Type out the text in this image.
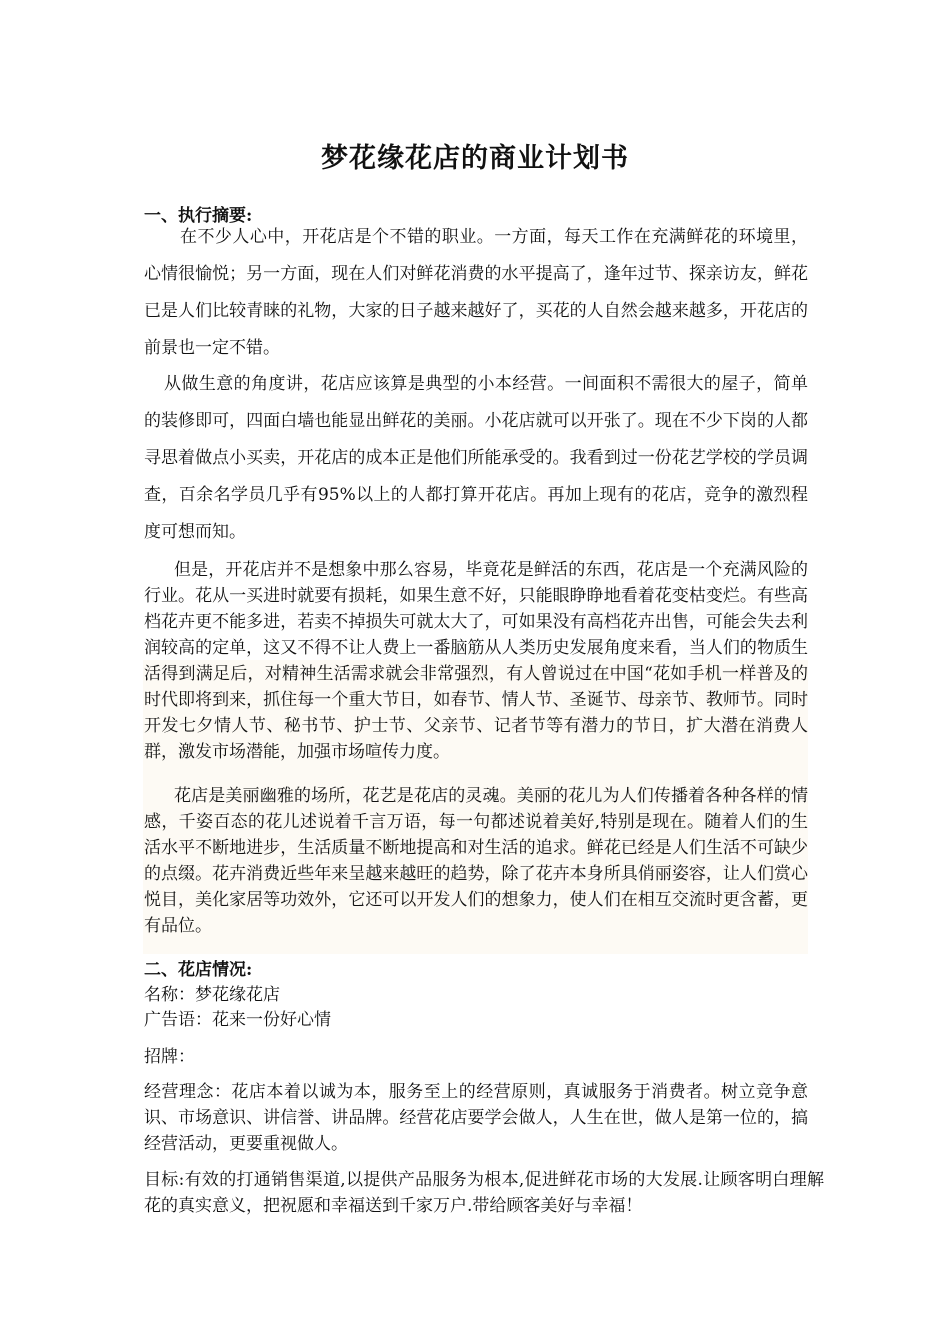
梦花缘花店的商业计划书
一、执行摘要:

在不少人心中，开花店是个不错的职业。一方面，每天工作在充满鲜花的环境里，心情很愉悦；另一方面，现在人们对鲜花消费的水平提高了，逢年过节、探亲访友，鲜花已是人们比较青睐的礼物，大家的日子越来越好了，买花的人自然会越来越多，开花店的前景也一定不错。

从做生意的角度讲，花店应该算是典型的小本经营。一间面积不需很大的屋子，简单的装修即可，四面白墙也能显出鲜花的美丽。小花店就可以开张了。现在不少下岗的人都寻思着做点小买卖，开花店的成本正是他们所能承受的。我看到过一份花艺学校的学员调查，百余名学员几乎有95%以上的人都打算开花店。再加上现有的花店，竞争的激烈程度可想而知。

但是，开花店并不是想象中那么容易，毕竟花是鲜活的东西，花店是一个充满风险的行业。花从一买进时就要有损耗，如果生意不好，只能眼睁睁地看着花变枯变烂。有些高档花卉更不能多进，若卖不掉损失可就太大了，可如果没有高档花卉出售，可能会失去利润较高的定单，这又不得不让人费上一番脑筋从人类历史发展角度来看，当人们的物质生活得到满足后，对精神生活需求就会非常强烈，有人曾说过在中国“花如手机一样普及的时代即将到来，抓住每一个重大节日，如春节、情人节、圣诞节、母亲节、教师节。同时开发七夕情人节、秘书节、护士节、父亲节、记者节等有潜力的节日，扩大潜在消费人群，激发市场潜能，加强市场喧传力度。

花店是美丽幽雅的场所，花艺是花店的灵魂。美丽的花儿为人们传播着各种各样的情感，千姿百态的花儿述说着千言万语，每一句都述说着美好,特别是现在。随着人们的生活水平不断地进步，生活质量不断地提高和对生活的追求。鲜花已经是人们生活不可缺少的点缀。花卉消费近些年来呈越来越旺的趋势，除了花卉本身所具俏丽姿容，让人们赏心悦目，美化家居等功效外，它还可以开发人们的想象力，使人们在相互交流时更含蓄，更有品位。

二、花店情况:
名称：梦花缘花店
广告语：花来一份好心情
招牌：

经营理念：花店本着以诚为本，服务至上的经营原则，真诚服务于消费者。树立竞争意识、市场意识、讲信誉、讲品牌。经营花店要学会做人，人生在世，做人是第一位的，搞经营活动，更要重视做人。

目标:有效的打通销售渠道,以提供产品服务为根本,促进鲜花市场的大发展.让顾客明白理解花的真实意义，把祝愿和幸福送到千家万户.带给顾客美好与幸福！
